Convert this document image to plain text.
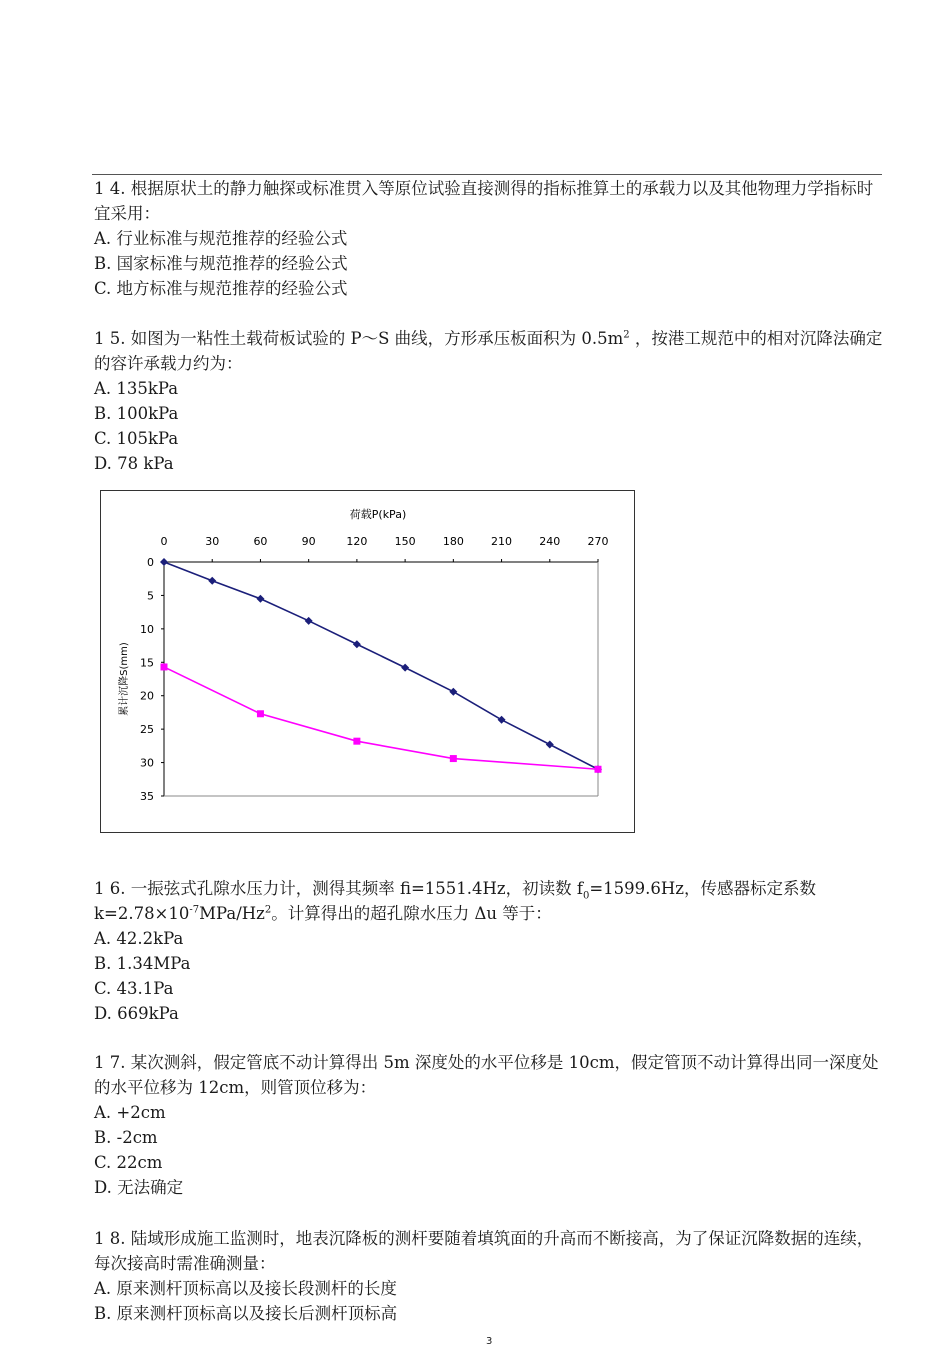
1 4. 根据原状土的静力触探或标准贯入等原位试验直接测得的指标推算土的承载力以及其他物理力学指标时宜采用：

A. 行业标准与规范推荐的经验公式

B. 国家标准与规范推荐的经验公式

C. 地方标准与规范推荐的经验公式

1 5. 如图为一粘性土载荷板试验的 P～S 曲线，方形承压板面积为 $0.5m^2$ ，按港工规范中的相对沉降法确定的容许承载力约为：

A. 135kPa

B. 100kPa

C. 105kPa

D. 78 kPa

荷载P(kPa)
累计沉降S(mm)
0	30	60	90	120 150 180 210 240 270
0
5
10
15
20
25
30
35

1 6. 一振弦式孔隙水压力计，测得其频率 fi=1551.4Hz，初读数 $f_0=1599.6Hz$，传感器标定系数 $k=2.78\times 10^{-7}MPa/Hz^2$。计算得出的超孔隙水压力 Δu 等于：

A. 42.2kPa

B. 1.34MPa

C. 43.1Pa

D. 669kPa

1 7. 某次测斜，假定管底不动计算得出 5m 深度处的水平位移是 10cm，假定管顶不动计算得出同一深度处的水平位移为 12cm，则管顶位移为：

A. +2cm

B. -2cm

C. 22cm

D. 无法确定

1 8. 陆域形成施工监测时，地表沉降板的测杆要随着填筑面的升高而不断接高，为了保证沉降数据的连续，每次接高时需准确测量：

A. 原来测杆顶标高以及接长段测杆的长度

B. 原来测杆顶标高以及接长后测杆顶标高

3
